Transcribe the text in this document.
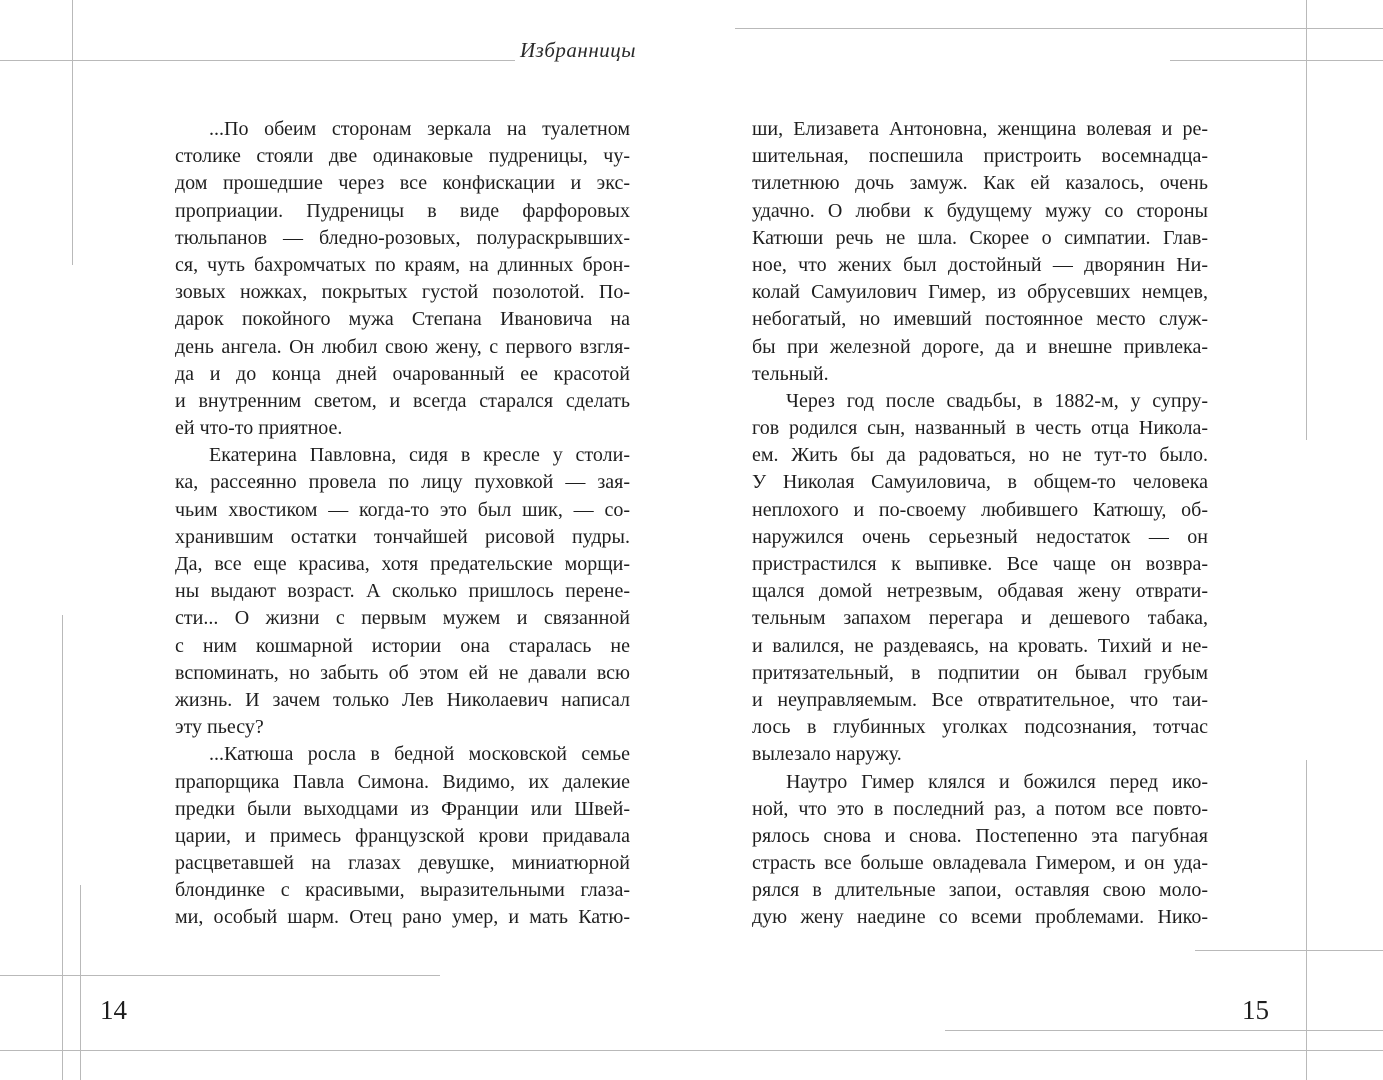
Избранницы
...По обеим сторонам зеркала на туалетном
столике стояли две одинаковые пудреницы, чу-
дом прошедшие через все конфискации и экс-
проприации. Пудреницы в виде фарфоровых
тюльпанов — бледно-розовых, полураскрывших-
ся, чуть бахромчатых по краям, на длинных брон-
зовых ножках, покрытых густой позолотой. По-
дарок покойного мужа Степана Ивановича на
день ангела. Он любил свою жену, с первого взгля-
да и до конца дней очарованный ее красотой
и внутренним светом, и всегда старался сделать
ей что-то приятное.
Екатерина Павловна, сидя в кресле у столи-
ка, рассеянно провела по лицу пуховкой — зая-
чьим хвостиком — когда-то это был шик, — со-
хранившим остатки тончайшей рисовой пудры.
Да, все еще красива, хотя предательские морщи-
ны выдают возраст. А сколько пришлось перене-
сти... О жизни с первым мужем и связанной
с ним кошмарной истории она старалась не
вспоминать, но забыть об этом ей не давали всю
жизнь. И зачем только Лев Николаевич написал
эту пьесу?
...Катюша росла в бедной московской семье
прапорщика Павла Симона. Видимо, их далекие
предки были выходцами из Франции или Швей-
царии, и примесь французской крови придавала
расцветавшей на глазах девушке, миниатюрной
блондинке с красивыми, выразительными глаза-
ми, особый шарм. Отец рано умер, и мать Катю-
ши, Елизавета Антоновна, женщина волевая и ре-
шительная, поспешила пристроить восемнадца-
тилетнюю дочь замуж. Как ей казалось, очень
удачно. О любви к будущему мужу со стороны
Катюши речь не шла. Скорее о симпатии. Глав-
ное, что жених был достойный — дворянин Ни-
колай Самуилович Гимер, из обрусевших немцев,
небогатый, но имевший постоянное место служ-
бы при железной дороге, да и внешне привлека-
тельный.
Через год после свадьбы, в 1882-м, у супру-
гов родился сын, названный в честь отца Никола-
ем. Жить бы да радоваться, но не тут-то было.
У Николая Самуиловича, в общем-то человека
неплохого и по-своему любившего Катюшу, об-
наружился очень серьезный недостаток — он
пристрастился к выпивке. Все чаще он возвра-
щался домой нетрезвым, обдавая жену отврати-
тельным запахом перегара и дешевого табака,
и валился, не раздеваясь, на кровать. Тихий и не-
притязательный, в подпитии он бывал грубым
и неуправляемым. Все отвратительное, что таи-
лось в глубинных уголках подсознания, тотчас
вылезало наружу.
Наутро Гимер клялся и божился перед ико-
ной, что это в последний раз, а потом все повто-
рялось снова и снова. Постепенно эта пагубная
страсть все больше овладевала Гимером, и он уда-
рялся в длительные запои, оставляя свою моло-
дую жену наедине со всеми проблемами. Нико-
14	15
